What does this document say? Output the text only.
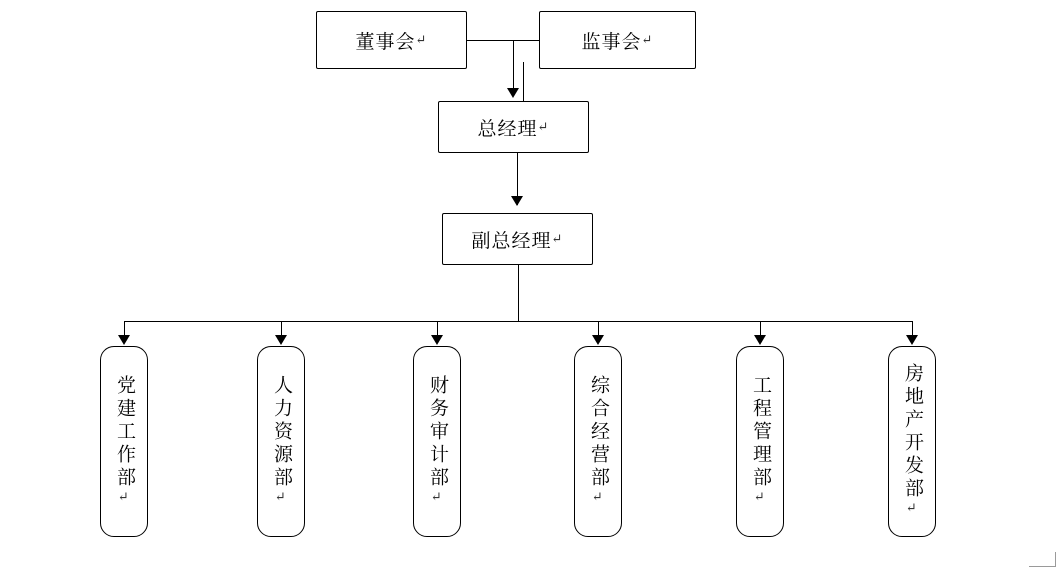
董事会 ↵	监事会 ↵
总经理 ↵
副总经理 ↵
党建工作部
↵
人力资源部
↵
财务审计部
↵
综合经营部
↵
工程管理部
↵	房地产开发部
↵
